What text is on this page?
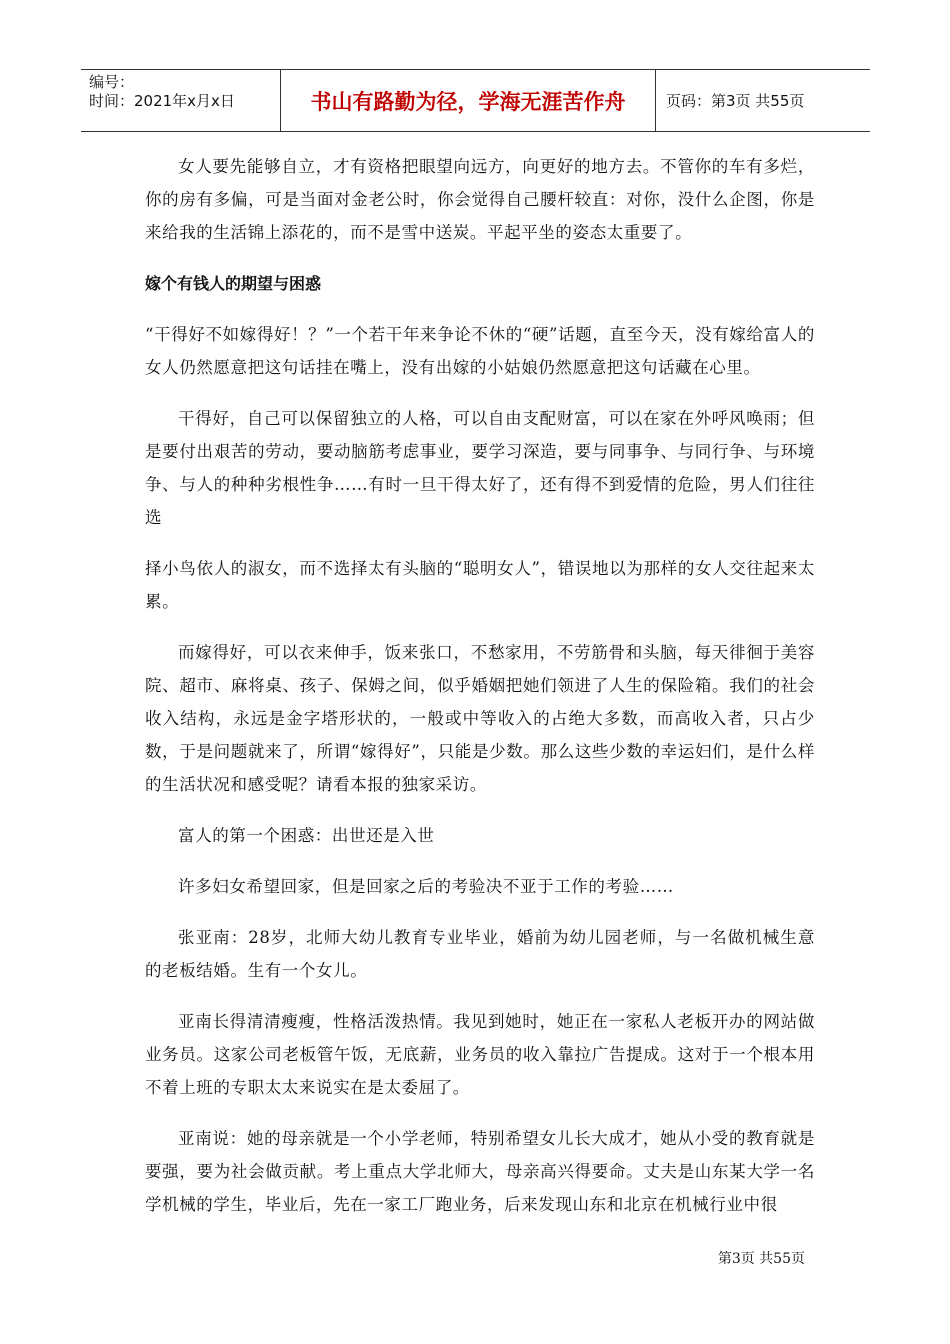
编号：
时间：2021年x月x日	书山有路勤为径，学海无涯苦作舟	页码：第3页 共55页

女人要先能够自立，才有资格把眼望向远方，向更好的地方去。不管你的车有多烂，你的房有多偏，可是当面对金老公时，你会觉得自己腰杆较直：对你，没什么企图，你是来给我的生活锦上添花的，而不是雪中送炭。平起平坐的姿态太重要了。

嫁个有钱人的期望与困惑

“干得好不如嫁得好！？”一个若干年来争论不休的“硬”话题，直至今天，没有嫁给富人的女人仍然愿意把这句话挂在嘴上，没有出嫁的小姑娘仍然愿意把这句话藏在心里。

干得好，自己可以保留独立的人格，可以自由支配财富，可以在家在外呼风唤雨；但是要付出艰苦的劳动，要动脑筋考虑事业，要学习深造，要与同事争、与同行争、与环境争、与人的种种劣根性争……有时一旦干得太好了，还有得不到爱情的危险，男人们往往选

择小鸟依人的淑女，而不选择太有头脑的“聪明女人”，错误地以为那样的女人交往起来太累。

而嫁得好，可以衣来伸手，饭来张口，不愁家用，不劳筋骨和头脑，每天徘徊于美容院、超市、麻将桌、孩子、保姆之间，似乎婚姻把她们领进了人生的保险箱。我们的社会收入结构，永远是金字塔形状的，一般或中等收入的占绝大多数，而高收入者，只占少数，于是问题就来了，所谓“嫁得好”，只能是少数。那么这些少数的幸运妇们，是什么样的生活状况和感受呢？请看本报的独家采访。

富人的第一个困惑：出世还是入世

许多妇女希望回家，但是回家之后的考验决不亚于工作的考验……

张亚南：28岁，北师大幼儿教育专业毕业，婚前为幼儿园老师，与一名做机械生意的老板结婚。生有一个女儿。

亚南长得清清瘦瘦，性格活泼热情。我见到她时，她正在一家私人老板开办的网站做业务员。这家公司老板管午饭，无底薪，业务员的收入靠拉广告提成。这对于一个根本用不着上班的专职太太来说实在是太委屈了。

亚南说：她的母亲就是一个小学老师，特别希望女儿长大成才，她从小受的教育就是要强，要为社会做贡献。考上重点大学北师大，母亲高兴得要命。丈夫是山东某大学一名学机械的学生，毕业后，先在一家工厂跑业务，后来发现山东和北京在机械行业中很

第3页 共55页
